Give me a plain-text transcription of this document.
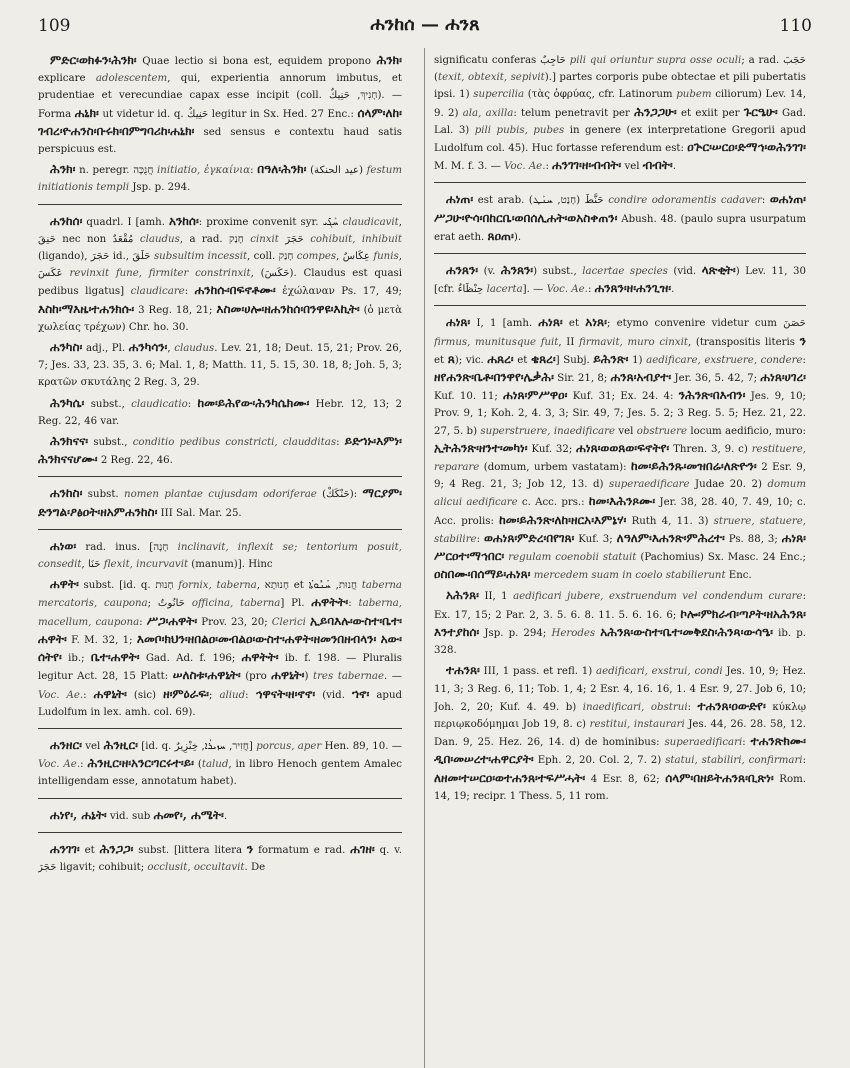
109	ሐንከሰ — ሐንጸ	110

ምድር፡ወክፉን፡ሕንክ፡ Quae lectio si bona est, equidem propono ሕንክ፡ explicare adolescentem, qui, experientia annorum imbutus, et prudentiae et verecundiae capax esse incipit (coll. חָנִיךְ, حَنِيكٌ). — Forma ሐኒክ፡ ut videtur id. q. حَنِيكٌ legitur in Sx. Hed. 27 Enc.: ሰላም፡ለከ፡ገብረ፡ዮሐንስ፡ቡሩክ፡በምግባሪከ፡ሐኒክ፡ sed sensus e contextu haud satis perspicuus est.

ሕንክ፡ n. peregr. חֲנֻכָּה initiatio, ἐγκαίνια: በዓለ፡ሕንክ፡ (عيد الحنكة) festum initiationis templi Jsp. p. 294.

ሐንከሰ፡ quadrl. I [amh. አንከሰ፡: proxime convenit syr. ܚܰܓܺܝ claudicavit, حَنِقَ nec non مُقْعَدٌ claudus, a rad. חָנַק cinxit حَجَرَ cohibuit, inhibuit (ligando), حَجَرَ id., حَلَقَ subsultim incessit, coll. חָנַק compes, عِكَاسٌ funis, عَكَسَ revinxit fune, firmiter constrinxit, (حَكَسَ). Claudus est quasi pedibus ligatus] claudicare: ሐንከሱ፡በፍኖቶሙ፡ ἐχώλαναν Ps. 17, 49; እስከ፡ማእዜ፡ተሐንክሱ፡ 3 Reg. 18, 21; እስመ፡ሀሎ፡ዘሐንከሰ፡በንዋዩ፡እኪት፡ (ὁ μετὰ χωλείας τρέχων) Chr. ho. 30.

ሐንካስ፡ adj., Pl. ሐንካሳን፡, claudus. Lev. 21, 18; Deut. 15, 21; Prov. 26, 7; Jes. 33, 23. 35, 3. 6; Mal. 1, 8; Matth. 11, 5. 15, 30. 18, 8; Joh. 5, 3; κρατῶν σκυτάλης 2 Reg. 3, 29.

ሕንካሴ፡ subst., claudicatio: ከመ፡ይሕየው፡ሕንካሴክሙ፡ Hebr. 12, 13; 2 Reg. 22, 46 var.

ሕንክናና፡ subst., conditio pedibus constricti, claudditas: ይድኀኑ፡እምነ፡ሕንክናናሆሙ፡ 2 Reg. 22, 46.

ሐንከስ፡ subst. nomen plantae cujusdam odoriferae (حَنْكَكْ): ማርያም፡ድንግል፡ዖፅዐት፡ዘአምሐንከስ፡ III Sal. Mar. 25.

ሐነወ፡ rad. inus. [חָנָה inclinavit, inflexit se; tentorium posuit, consedit, حَنَا flexit, incurvavit (manum)]. Hinc

ሐዋት፡ subst. [id. q. חָנוּת fornix, taberna, חָנוּתָא et חֲנוּת, ܚܳܢܽܘܬܳܐ taberna mercatoris, caupona; حَانُوتٌ officina, taberna] Pl. ሐዋትት፡: taberna, macellum, caupona: ሥጋ፡ሐዋት፡ Prov. 23, 20; Clerici ኢይባእሉ፡ውስተ፡ቤተ፡ሐዋት፡ F. M. 32, 1; እመቦ፡ክህን፡ዘበልዐ፡መብልዐ፡ውስተ፡ሐዋት፡ዘመንበዘብላን፡ አው፡ሰትየ፡ ib.; ቤተ፡ሐዋት፡ Gad. Ad. f. 196; ሐዋትት፡ ib. f. 198. — Pluralis legitur Act. 28, 15 Platt: ሠለስቱ፡ሐዋኒት፡ (pro ሐዋኒት፡) tres tabernae. — Voc. Ae.: ሐዋኒት፡ (sic) ዘ፡ምዕራፍ፡; aliud: ኅዋናት፡ዘ፡ኖኖ፡ (vid. ኀኖ፡ apud Ludolfum in lex. amh. col. 69).

ሐንዘር፡ vel ሕንዚር፡ [id. q. חֲזִיר, ܚܙܝܪܳܐ, خِنْزِيرٌ] porcus, aper Hen. 89, 10. — Voc. Ae.: ሕንዚር፡ዘ፡አንር፡ገርሩተ፡ይ፡ (talud, in libro Henoch gentem Amalec intelligendam esse, annotatum habet).

ሐነየ፡, ሐኔት፡ vid. sub ሐመየ፡, ሐሜት፡.

ሐንገገ፡ et ሕንጋጋ፡ subst. [littera litera ን formatum e rad. ሐገዘ፡ q. v. حَجَرَ ligavit; cohibuit; occlusit, occultavit. De

significatu conferas حَاجِبٌ pili qui oriuntur supra osse oculi; a rad. حَجَبَ (texit, obtexit, sepivit).] partes corporis pube obtectae et pili pubertatis ipsi. 1) supercilia (τὰς ὀφρύας, cfr. Latinorum pubem ciliorum) Lev. 14, 9. 2) ala, axilla: telum penetravit per ሕንጋጋሁ፡ et exiit per ጉርዔሁ፡ Gad. Lal. 3) pili pubis, pubes in genere (ex interpretatione Gregorii apud Ludolfum col. 45). Huc fortasse referendum est: ዐጕር፡ሠርዐ፡ድማኅ፡ወሕንገገ፡ M. M. f. 3. — Voc. Ae.: ሐንገገ፡ዘ፡ብብት፡ vel ብብት፡.

ሐነጠ፡ est arab. حَنَّطَ (חָנַט, ܚܢܰܛ) condire odoramentis cadaver: ወሐነጠ፡ሥጋሁ፡ዮሳ፡በከርቤ፡ወበሰሊሐት፡ወአስቀጠን፡ Abush. 48. (paulo supra usurpatum erat aeth. ጸዐጠ፡).

ሐንጸን፡ (v. ሕንጸን፡) subst., lacertae species (vid. ላጽቂት፡) Lev. 11, 30 [cfr. حِنْظَاءٌ lacerta]. — Voc. Ae.: ሐንጸን፡ዘ፡ሐንጊዝ፡.

ሐነጸ፡ I, 1 [amh. ሐነጸ፡ et አነጸ፡; etymo convenire videtur cum حَصَنَ firmus, munitusque fuit, II firmavit, muro cinxit, (transpositis literis ን et ጸ); vic. ሐጸረ፡ et ቄጸረ፡] Subj. ይሕንጽ፡ 1) aedificare, exstruere, condere: ዘየሐንጽ፡ቤቶ፡በንዋየ፡ሌቃሕ፡ Sir. 21, 8; ሐንጸ፡አብያተ፡ Jer. 36, 5. 42, 7; ሐነጸ፡ሀገረ፡ Kuf. 10. 11; ሐነጸ፡ምሥዋዐ፡ Kuf. 31; Ex. 24. 4: ንሕንጽ፡በእብን፡ Jes. 9, 10; Prov. 9, 1; Koh. 2, 4. 3, 3; Sir. 49, 7; Jes. 5. 2; 3 Reg. 5. 5; Hez. 21, 22. 27, 5. b) superstruere, inaedificare vel obstruere locum aedificio, muro: ኢትሕንጽ፡ዘንተ፡መካነ፡ Kuf. 32; ሐነጸ፡ወወጸወ፡ፍኖትየ፡ Thren. 3, 9. c) restituere, reparare (domum, urbem vastatam): ከመ፡ይሕንጹ፡መዝበሬ፡ለጽዮን፡ 2 Esr. 9, 9; 4 Reg. 21, 3; Job 12, 13. d) superaedificare Judae 20. 2) domum alicui aedificare c. Acc. prs.: ከመ፡እሕንጾሙ፡ Jer. 38, 28. 40, 7. 49, 10; c. Acc. prolis: ከመ፡ይሕንጽ፡ለከ፡ዘርአ፡እምኔሃ፡ Ruth 4, 11. 3) struere, statuere, stabilire: ወሐነጸ፡ምድረ፡በየገጸ፡ Kuf. 3; ለዓለም፡እሐንጽ፡ምሕረተ፡ Ps. 88, 3; ሐነጸ፡ሥርዐተ፡ማኅበር፡ regulam coenobii statuit (Pachomius) Sx. Masc. 24 Enc.; ዐስበሙ፡በሰማይ፡ሐነጸ፡ mercedem suam in coelo stabilierunt Enc.

አሕንጸ፡ II, 1 aedificari jubere, exstruendum vel condendum curare: Ex. 17, 15; 2 Par. 2, 3. 5. 6. 8. 11. 5. 6. 16. 6; ኮሎ፡ምክራብ፡ጣዖት፡ዘአሕንጸ፡እንተያከሰ፡ Jsp. p. 294; Herodes አሕንጸ፡ውስተ፡ቤተ፡መቅደስ፡ሕንጻ፡ውሳዔ፡ ib. p. 328.

ተሐንጸ፡ III, 1 pass. et refl. 1) aedificari, exstrui, condi Jes. 10, 9; Hez. 11, 3; 3 Reg. 6, 11; Tob. 1, 4; 2 Esr. 4, 16. 16, 1. 4 Esr. 9, 27. Job 6, 10; Joh. 2, 20; Kuf. 4. 49. b) inaedificari, obstrui: ተሐንጸ፡ዐውድየ፡ κύκλῳ περιῳκοδόμημαι Job 19, 8. c) restitui, instaurari Jes. 44, 26. 28. 58, 12. Dan. 9, 25. Hez. 26, 14. d) de hominibus: superaedificari: ተሐንጽክሙ፡ዲበ፡መሠረተ፡ሐዋርያት፡ Eph. 2, 20. Col. 2, 7. 2) statui, stabiliri, confirmari: ለዘመ፡ተሠርዐ፡ወተሐንጸ፡ተፍሥሓት፡ 4 Esr. 8, 62; ሰላም፡በዘይትሐንጸ፡ቢጽነ፡ Rom. 14, 19; recipr. 1 Thess. 5, 11 rom.
